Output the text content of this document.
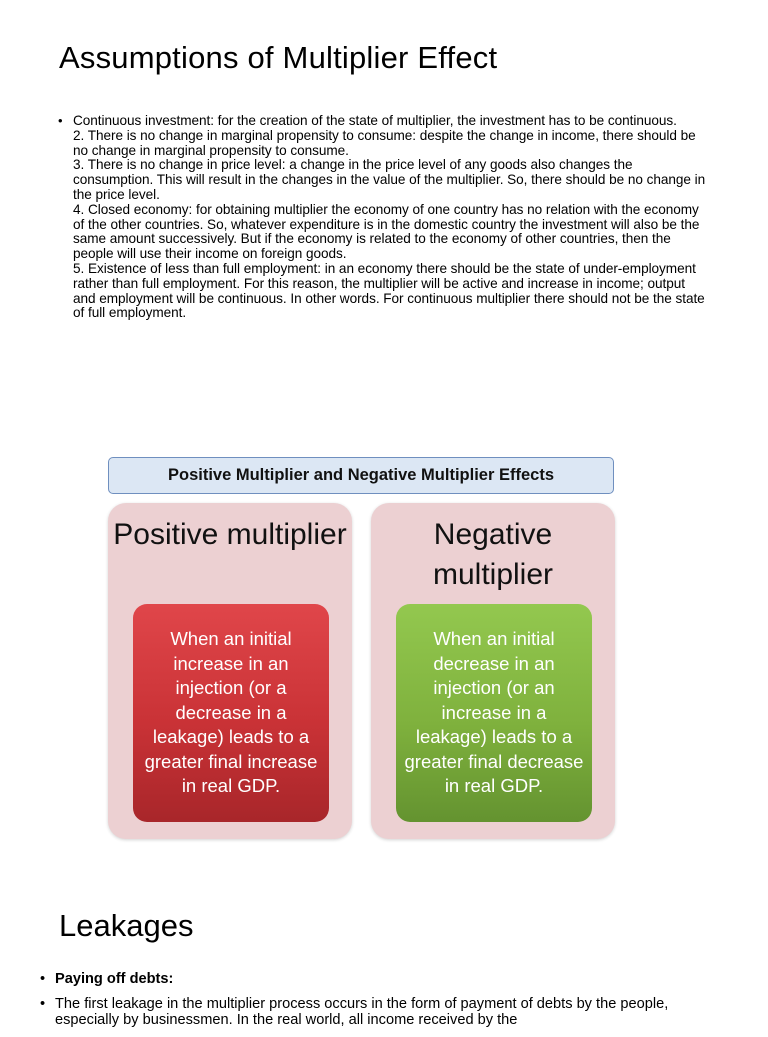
Assumptions of Multiplier Effect
• Continuous investment: for the creation of the state of multiplier, the investment has to be continuous.

2. There is no change in marginal propensity to consume: despite the change in income, there should be no change in marginal propensity to consume.

3. There is no change in price level: a change in the price level of any goods also changes the consumption. This will result in the changes in the value of the multiplier. So, there should be no change in the price level.

4. Closed economy: for obtaining multiplier the economy of one country has no relation with the economy of the other countries. So, whatever expenditure is in the domestic country the investment will also be the same amount successively. But if the economy is related to the economy of other countries, then the people will use their income on foreign goods.

5. Existence of less than full employment: in an economy there should be the state of under-employment rather than full employment. For this reason, the multiplier will be active and increase in income; output and employment will be continuous. In other words. For continuous multiplier there should not be the state of full employment.

Positive Multiplier and Negative Multiplier Effects
Positive multiplier
When an initial increase in an injection (or a decrease in a leakage) leads to a greater final increase in real GDP.
Negative multiplier
When an initial decrease in an injection (or an increase in a leakage) leads to a greater final decrease in real GDP.
Leakages
• Paying off debts:
• The first leakage in the multiplier process occurs in the form of payment of debts by the people, especially by businessmen. In the real world, all income received by the
